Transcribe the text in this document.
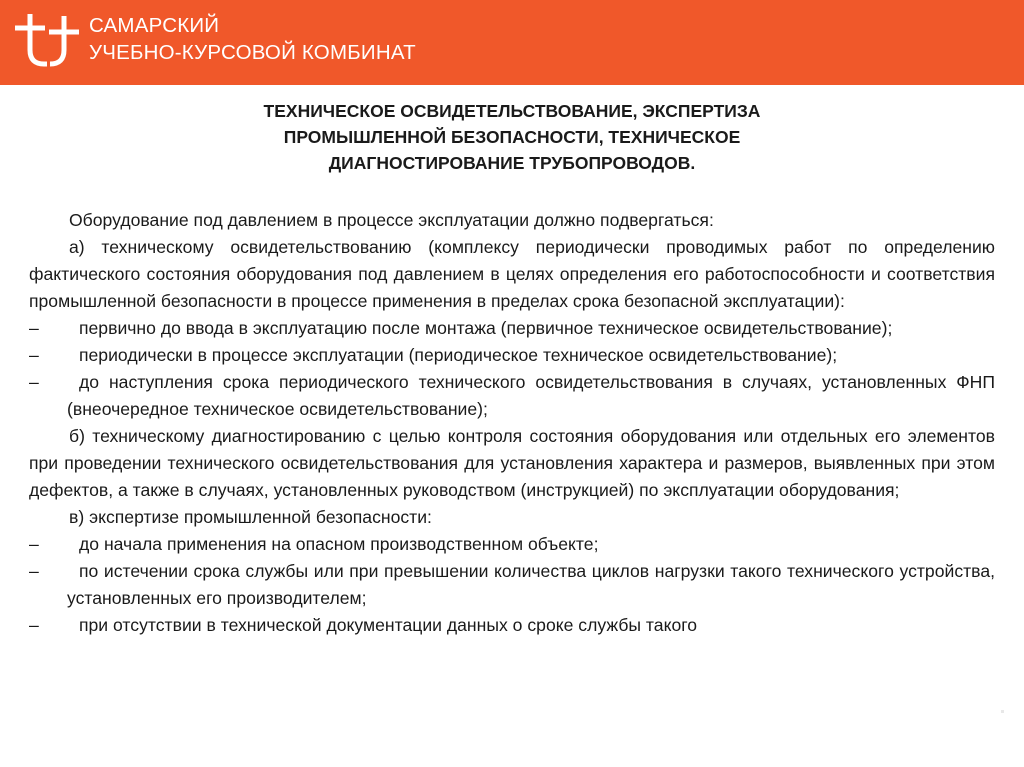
САМАРСКИЙ
УЧЕБНО-КУРСОВОЙ КОМБИНАТ
ТЕХНИЧЕСКОЕ ОСВИДЕТЕЛЬСТВОВАНИЕ, ЭКСПЕРТИЗА
ПРОМЫШЛЕННОЙ БЕЗОПАСНОСТИ, ТЕХНИЧЕСКОЕ
ДИАГНОСТИРОВАНИЕ ТРУБОПРОВОДОВ.

Оборудование под давлением в процессе эксплуатации должно подвергаться:

а) техническому освидетельствованию (комплексу периодически проводимых работ по определению фактического состояния оборудования под давлением в целях определения его работоспособности и соответствия промышленной безопасности в процессе применения в пределах срока безопасной эксплуатации):

–	первично до ввода в эксплуатацию после монтажа (первичное техническое освидетельствование);
–	периодически в процессе эксплуатации (периодическое техническое освидетельствование);
–	до наступления срока периодического технического освидетельствования в случаях, установленных ФНП (внеочередное техническое освидетельствование);

б) техническому диагностированию с целью контроля состояния оборудования или отдельных его элементов при проведении технического освидетельствования для установления характера и размеров, выявленных при этом дефектов, а также в случаях, установленных руководством (инструкцией) по эксплуатации оборудования;

в) экспертизе промышленной безопасности:

–	до начала применения на опасном производственном объекте;
–	по истечении срока службы или при превышении количества циклов нагрузки такого технического устройства, установленных его производителем;
–	при отсутствии в технической документации данных о сроке службы такого
